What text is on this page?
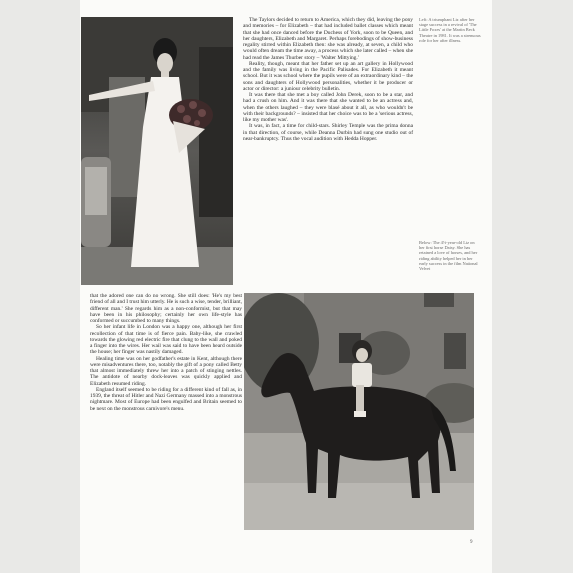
Left: A triumphant Liz after her stage success in a revival of 'The Little Foxes' at the Martin Beck Theatre in 1981. It was a strenuous role for her after illness.

The Taylors decided to return to America, which they did, leaving the pony and memories – for Elizabeth – that had included ballet classes which meant that she had once danced before the Duchess of York, soon to be Queen, and her daughters, Elizabeth and Margaret. Perhaps forebodings of show-business regality stirred within Elizabeth then: she was already, at seven, a child who would often dream the time away, a process which she later called – when she had read the James Thurber story – 'Walter Mittying.'

Reality, though, meant that her father set up an art gallery in Hollywood and the family was living in the Pacific Palisades. For Elizabeth it meant school. But it was school where the pupils were of an extraordinary kind – the sons and daughters of Hollywood personalities, whether it be producer or actor or director: a juniour celebrity bulletin.

It was there that she met a boy called John Derek, soon to be a star, and had a crush on him. And it was there that she wanted to be an actress and, when the others laughed – they were blasé about it all, as who wouldn't be with their backgrounds? – insisted that her choice was to be a 'serious actress, like my mother was'.

It was, in fact, a time for child-stars. Shirley Temple was the prima donna in that direction, of course, while Deanna Durbin had sung one studio out of near-bankruptcy. Thus the vocal audition with Hedda Hopper.

Below: The 4½-year-old Liz on her first horse Daisy. She has retained a love of horses, and her riding ability helped her in her early success in the film National Velvet

that the adored one can do no wrong. She still does: 'He's my best friend of all and I trust him utterly. He is such a wise, tender, brilliant, different man.' She regards him as a non-conformist, but that may have been in his philosophy; certainly her own life-style has conformed or succumbed to many things.

So her infant life in London was a happy one, although her first recollection of that time is of fierce pain. Baby-like, she crawled towards the glowing red electric fire that clung to the wall and poked a finger into the wires. Her wail was said to have been heard outside the house; her finger was nastily damaged.

Healing time was on her godfather's estate in Kent, although there were misadventures there, too, notably the gift of a pony called Betty that almost immediately threw her into a patch of stinging nettles. The antidote of nearby dock-leaves was quickly applied and Elizabeth resumed riding.

England itself seemed to be riding for a different kind of fall as, in 1939, the threat of Hitler and Nazi Germany massed into a monstrous nightmare. Most of Europe had been engulfed and Britain seemed to be next on the monstrous carnivore's menu.

9
